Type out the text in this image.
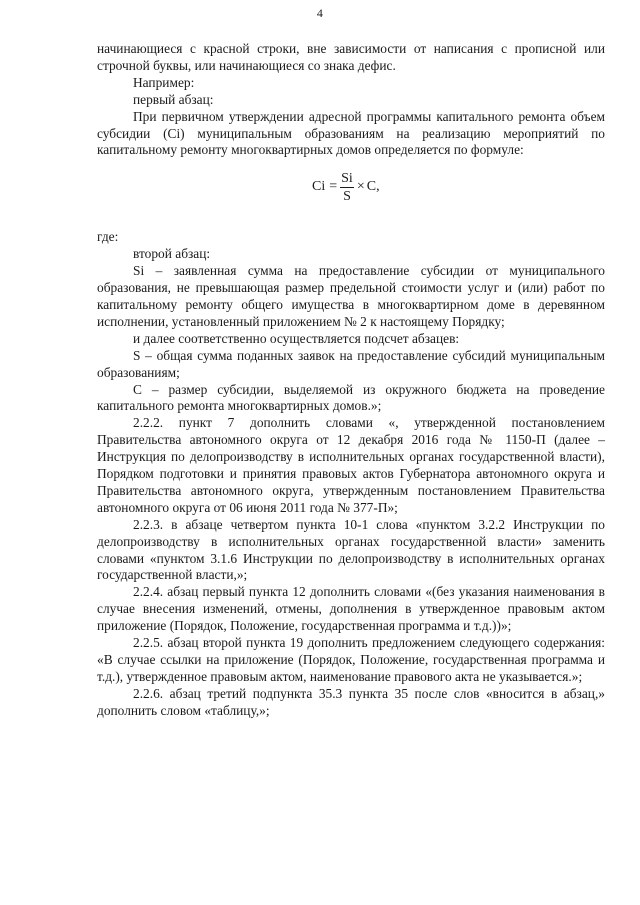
4

начинающиеся с красной строки, вне зависимости от написания с прописной или строчной буквы, или начинающиеся со знака дефис.

Например:

первый абзац:

При первичном утверждении адресной программы капитального ремонта объем субсидии (Ci) муниципальным образованиям на реализацию мероприятий по капитальному ремонту многоквартирных домов определяется по формуле:

$Ci = \frac{Si}{S} \times C$,

где:

второй абзац:

Si – заявленная сумма на предоставление субсидии от муниципального образования, не превышающая размер предельной стоимости услуг и (или) работ по капитальному ремонту общего имущества в многоквартирном доме в деревянном исполнении, установленный приложением № 2 к настоящему Порядку;

и далее соответственно осуществляется подсчет абзацев:

S – общая сумма поданных заявок на предоставление субсидий муниципальным образованиям;

С – размер субсидии, выделяемой из окружного бюджета на проведение капитального ремонта многоквартирных домов.»;

2.2.2. пункт 7 дополнить словами «, утвержденной постановлением Правительства автономного округа от 12 декабря 2016 года № 1150-П (далее – Инструкция по делопроизводству в исполнительных органах государственной власти), Порядком подготовки и принятия правовых актов Губернатора автономного округа и Правительства автономного округа, утвержденным постановлением Правительства автономного округа от 06 июня 2011 года № 377-П»;

2.2.3. в абзаце четвертом пункта 10-1 слова «пунктом 3.2.2 Инструкции по делопроизводству в исполнительных органах государственной власти» заменить словами «пунктом 3.1.6 Инструкции по делопроизводству в исполнительных органах государственной власти,»;

2.2.4. абзац первый пункта 12 дополнить словами «(без указания наименования в случае внесения изменений, отмены, дополнения в утвержденное правовым актом приложение (Порядок, Положение, государственная программа и т.д.))»;

2.2.5. абзац второй пункта 19 дополнить предложением следующего содержания: «В случае ссылки на приложение (Порядок, Положение, государственная программа и т.д.), утвержденное правовым актом, наименование правового акта не указывается.»;

2.2.6. абзац третий подпункта 35.3 пункта 35 после слов «вносится в абзац,» дополнить словом «таблицу,»;
